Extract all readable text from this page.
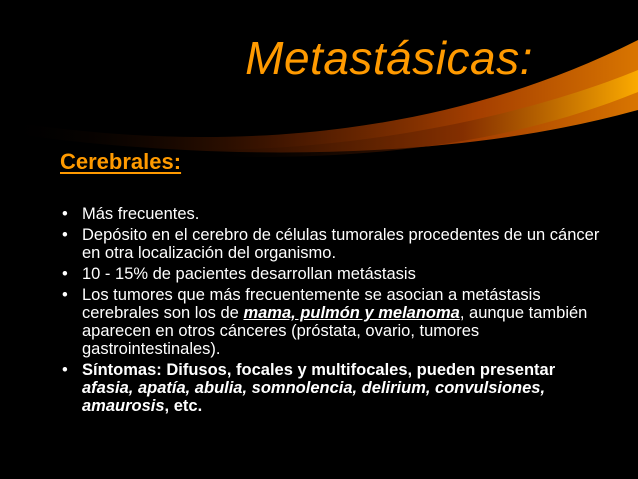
Metastásicas:
Cerebrales:
• Más frecuentes.
• Depósito en el cerebro de células tumorales procedentes de un cáncer en otra localización del organismo.
• 10 - 15% de pacientes desarrollan metástasis
• Los tumores que más frecuentemente se asocian a metástasis cerebrales son los de mama, pulmón y melanoma, aunque también aparecen en otros cánceres (próstata, ovario, tumores gastrointestinales).
• Síntomas: Difusos, focales y multifocales, pueden presentar
afasia, apatía, abulia, somnolencia, delirium, convulsiones, amaurosis, etc.
